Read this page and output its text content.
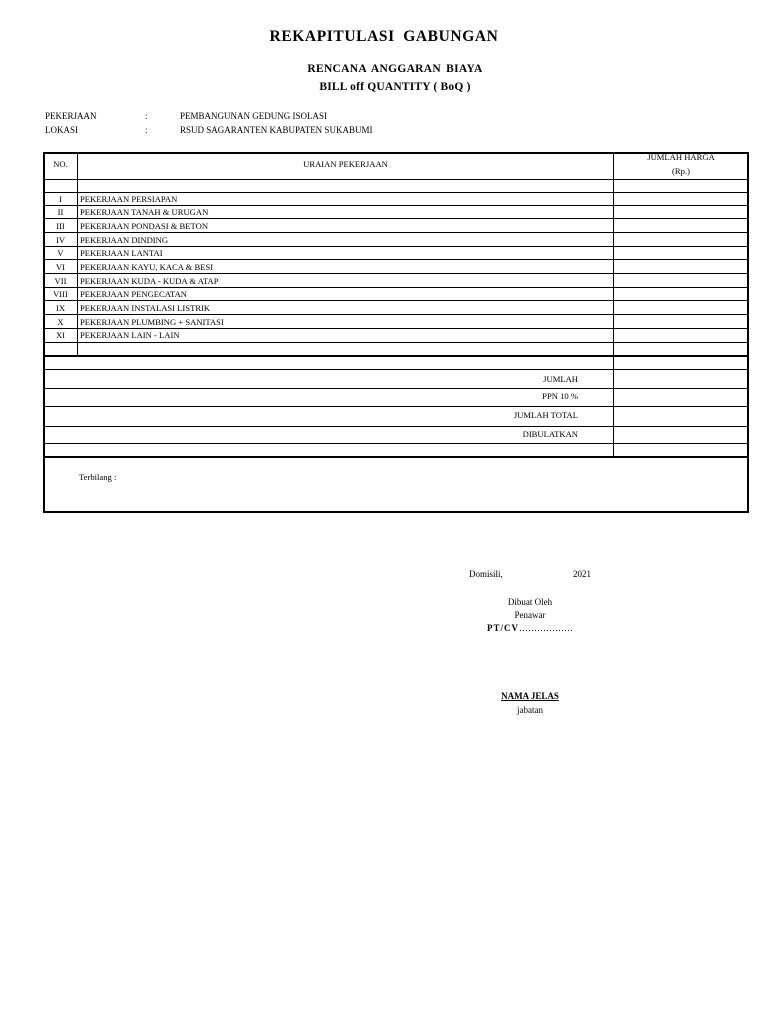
REKAPITULASI GABUNGAN
RENCANA ANGGARAN BIAYA
BILL off QUANTITY ( BoQ )
PEKERJAAN	:	PEMBANGUNAN GEDUNG ISOLASI
LOKASI	:	RSUD SAGARANTEN KABUPATEN SUKABUMI
NO.	URAIAN PEKERJAAN
JUMLAH HARGA
(Rp.)
I	PEKERJAAN PERSIAPAN
II	PEKERJAAN TANAH & URUGAN
III	PEKERJAAN PONDASI & BETON
IV	PEKERJAAN DINDING
V	PEKERJAAN LANTAI
VI	PEKERJAAN KAYU, KACA & BESI
VII	PEKERJAAN KUDA - KUDA & ATAP
VIII	PEKERJAAN PENGECATAN
IX	PEKERJAAN INSTALASI LISTRIK
X	PEKERJAAN PLUMBING + SANITASI
XI	PEKERJAAN LAIN - LAIN
JUMLAH
PPN 10 %
JUMLAH TOTAL
DIBULATKAN
Terbilang :
Domisili,	2021
Dibuat Oleh
Penawar
PT/CV………………
NAMA JELAS
jabatan
